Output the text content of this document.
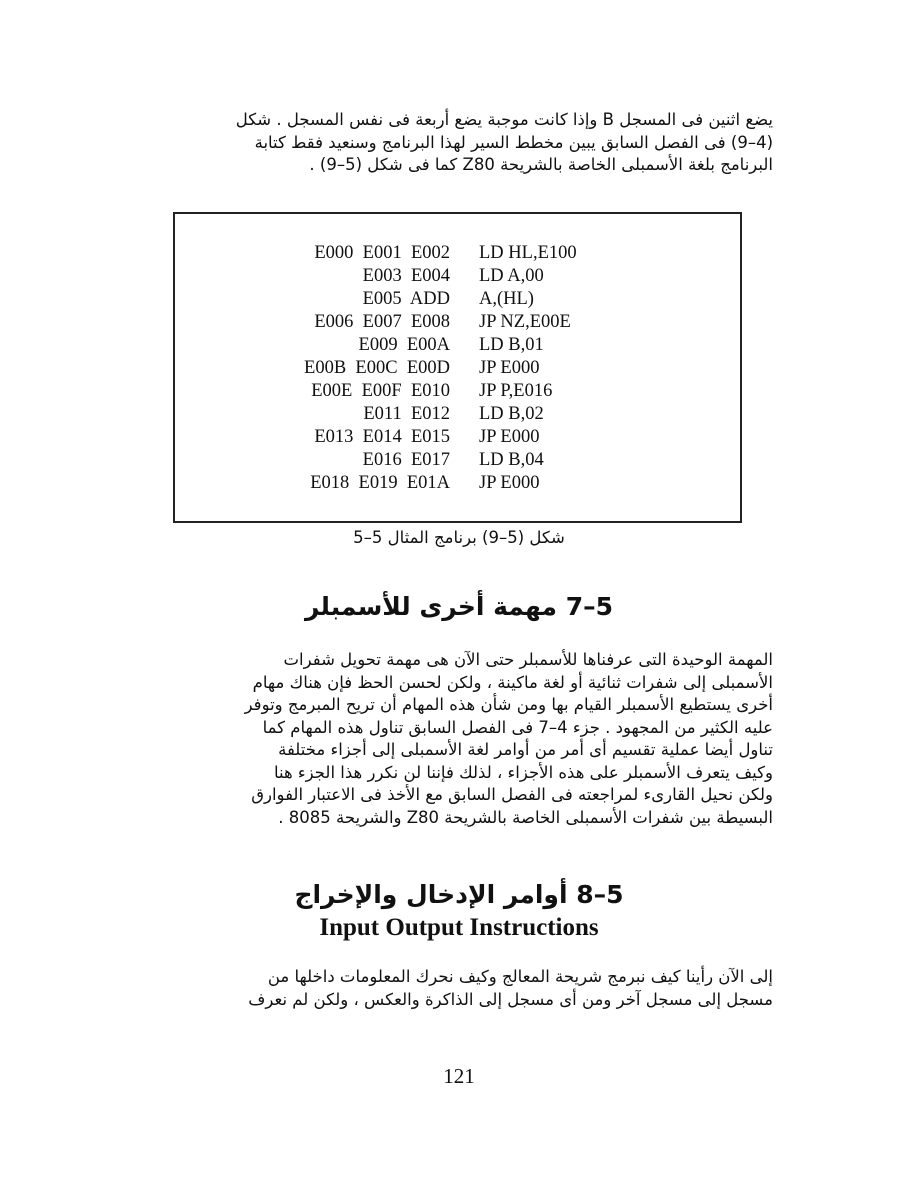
يضع اثنين فى المسجل B وإذا كانت موجبة يضع أربعة فى نفس المسجل . شكل

(4–9) فى الفصل السابق يبين مخطط السير لهذا البرنامج وسنعيد فقط كتابة

البرنامج بلغة الأسمبلى الخاصة بالشريحة Z80 كما فى شكل (5–9) .

E000  E001  E002 LD HL,E100
E003  E004 LD A,00
E005  ADD A,(HL)
E006  E007  E008 JP NZ,E00E
E009  E00A LD B,01
E00B  E00C  E00D JP E000
E00E  E00F  E010 JP P,E016
E011  E012 LD B,02
E013  E014  E015 JP E000
E016  E017 LD B,04
E018  E019  E01A JP E000
شكل (5–9) برنامج المثال 5–5
5–7 مهمة أخرى للأسمبلر

المهمة الوحيدة التى عرفناها للأسمبلر حتى الآن هى مهمة تحويل شفرات

الأسمبلى إلى شفرات ثنائية أو لغة ماكينة ، ولكن لحسن الحظ فإن هناك مهام

أخرى يستطيع الأسمبلر القيام بها ومن شأن هذه المهام أن تريح المبرمج وتوفر

عليه الكثير من المجهود . جزء 4–7 فى الفصل السابق تناول هذه المهام كما

تناول أيضا عملية تقسيم أى أمر من أوامر لغة الأسمبلى إلى أجزاء مختلفة

وكيف يتعرف الأسمبلر على هذه الأجزاء ، لذلك فإننا لن نكرر هذا الجزء هنا

ولكن نحيل القارىء لمراجعته فى الفصل السابق مع الأخذ فى الاعتبار الفوارق

البسيطة بين شفرات الأسمبلى الخاصة بالشريحة Z80 والشريحة 8085 .

5–8 أوامر الإدخال والإخراج
Input Output Instructions

إلى الآن رأينا كيف نبرمج شريحة المعالج وكيف نحرك المعلومات داخلها من

مسجل إلى مسجل آخر ومن أى مسجل إلى الذاكرة والعكس ، ولكن لم نعرف

121
